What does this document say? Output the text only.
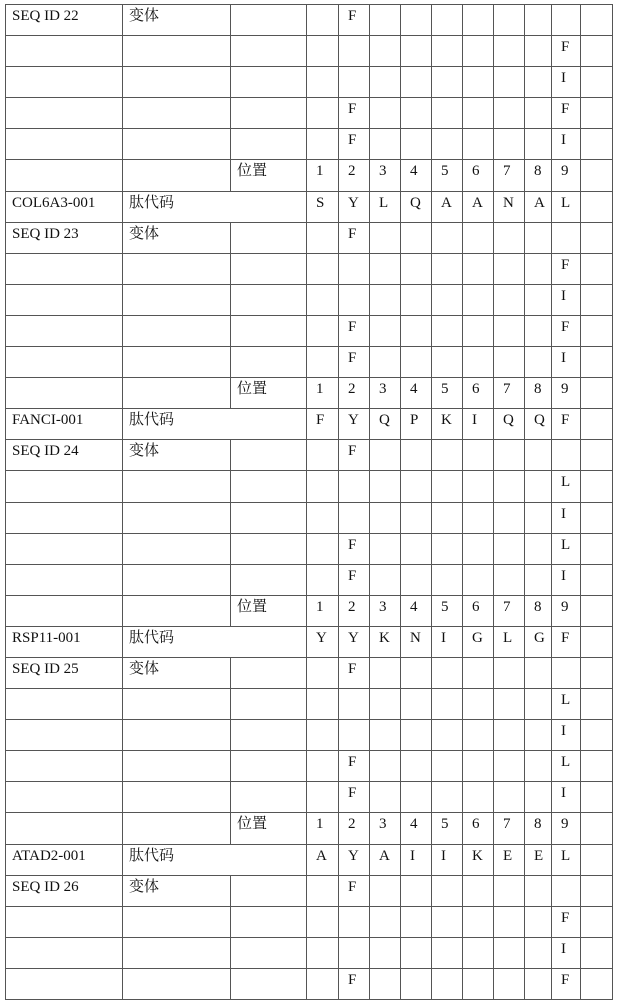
SEQ ID 22	变体			F								
											F	
											I	
				F							F	
				F							I	
		位置	1	2	3	4	5	6	7	8	9	
COL6A3-001	肽代码	S	Y	L	Q	A	A	N	A	L	
SEQ ID 23	变体			F								
											F	
											I	
				F							F	
				F							I	
		位置	1	2	3	4	5	6	7	8	9	
FANCI-001	肽代码	F	Y	Q	P	K	I	Q	Q	F	
SEQ ID 24	变体			F								
											L	
											I	
				F							L	
				F							I	
		位置	1	2	3	4	5	6	7	8	9	
RSP11-001	肽代码	Y	Y	K	N	I	G	L	G	F	
SEQ ID 25	变体			F								
											L	
											I	
				F							L	
				F							I	
		位置	1	2	3	4	5	6	7	8	9	
ATAD2-001	肽代码	A	Y	A	I	I	K	E	E	L	
SEQ ID 26	变体			F								
											F	
											I	
				F							F	
